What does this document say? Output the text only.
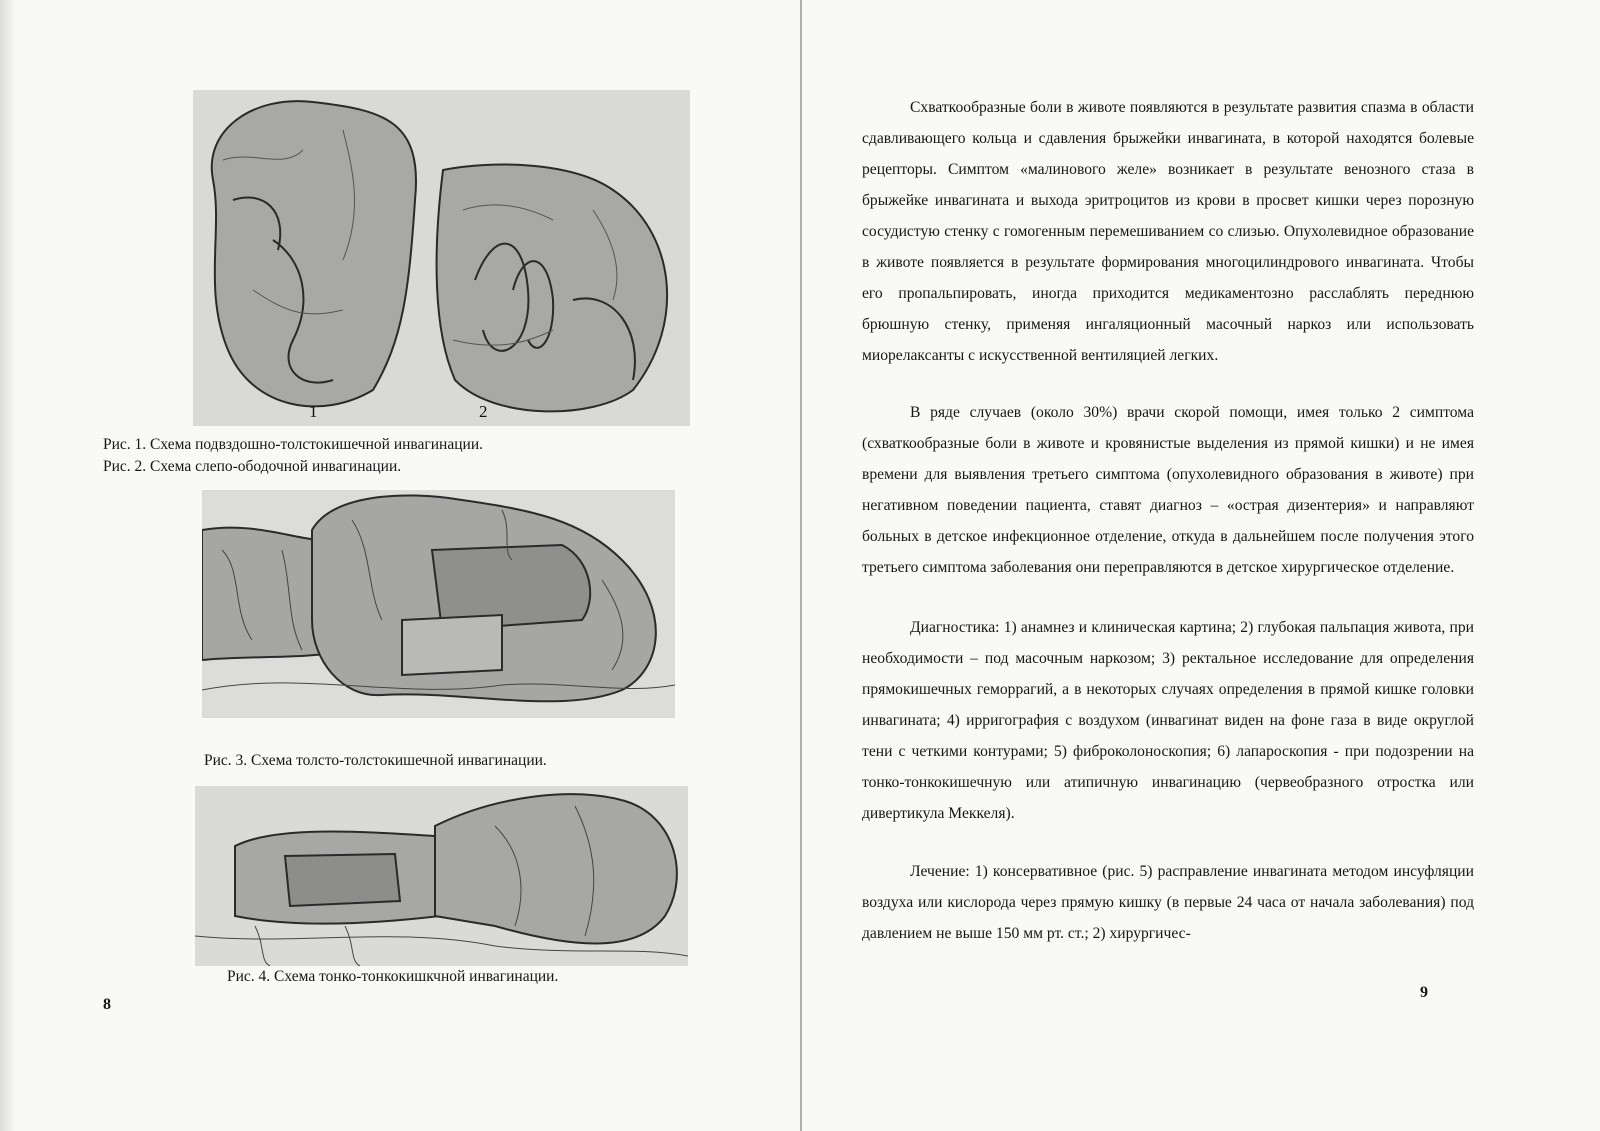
1	2
Рис. 1. Схема подвздошно-толстокишечной инвагинации.
Рис. 2. Схема слепо-ободочной инвагинации.
Рис. 3. Схема толсто-толстокишечной инвагинации.
Рис. 4. Схема тонко-тонкокишкчной инвагинации.
8

Схваткообразные боли в животе появляются в результате развития спазма в области сдавливающего кольца и сдавления брыжейки инвагината, в которой находятся болевые рецепторы. Симптом «малинового желе» возникает в результате венозного стаза в брыжейке инвагината и выхода эритроцитов из крови в просвет кишки через порозную сосудистую стенку с гомогенным перемешиванием со слизью. Опухолевидное образование в животе появляется в результате формирования многоцилиндрового инвагината. Чтобы его пропальпировать, иногда приходится медикаментозно расслаблять переднюю брюшную стенку, применяя ингаляционный масочный наркоз или использовать миорелаксанты с искусственной вентиляцией легких.

В ряде случаев (около 30%) врачи скорой помощи, имея только 2 симптома (схваткообразные боли в животе и кровянистые выделения из прямой кишки) и не имея времени для выявления третьего симптома (опухолевидного образования в животе) при негативном поведении пациента, ставят диагноз – «острая дизентерия» и направляют больных в детское инфекционное отделение, откуда в дальнейшем после получения этого третьего симптома заболевания они переправляются в детское хирургическое отделение.

Диагностика: 1) анамнез и клиническая картина; 2) глубокая пальпация живота, при необходимости – под масочным наркозом; 3) ректальное исследование для определения прямокишечных геморрагий, а в некоторых случаях определения в прямой кишке головки инвагината; 4) ирригография с воздухом (инвагинат виден на фоне газа в виде округлой тени с четкими контурами; 5) фиброколоноскопия; 6) лапароскопия - при подозрении на тонко-тонкокишечную или атипичную инвагинацию (червеобразного отростка или дивертикула Меккеля).

Лечение: 1) консервативное (рис. 5) расправление инвагината методом инсуфляции воздуха или кислорода через прямую кишку (в первые 24 часа от начала заболевания) под давлением не выше 150 мм рт. ст.; 2) хирургичес-

9
